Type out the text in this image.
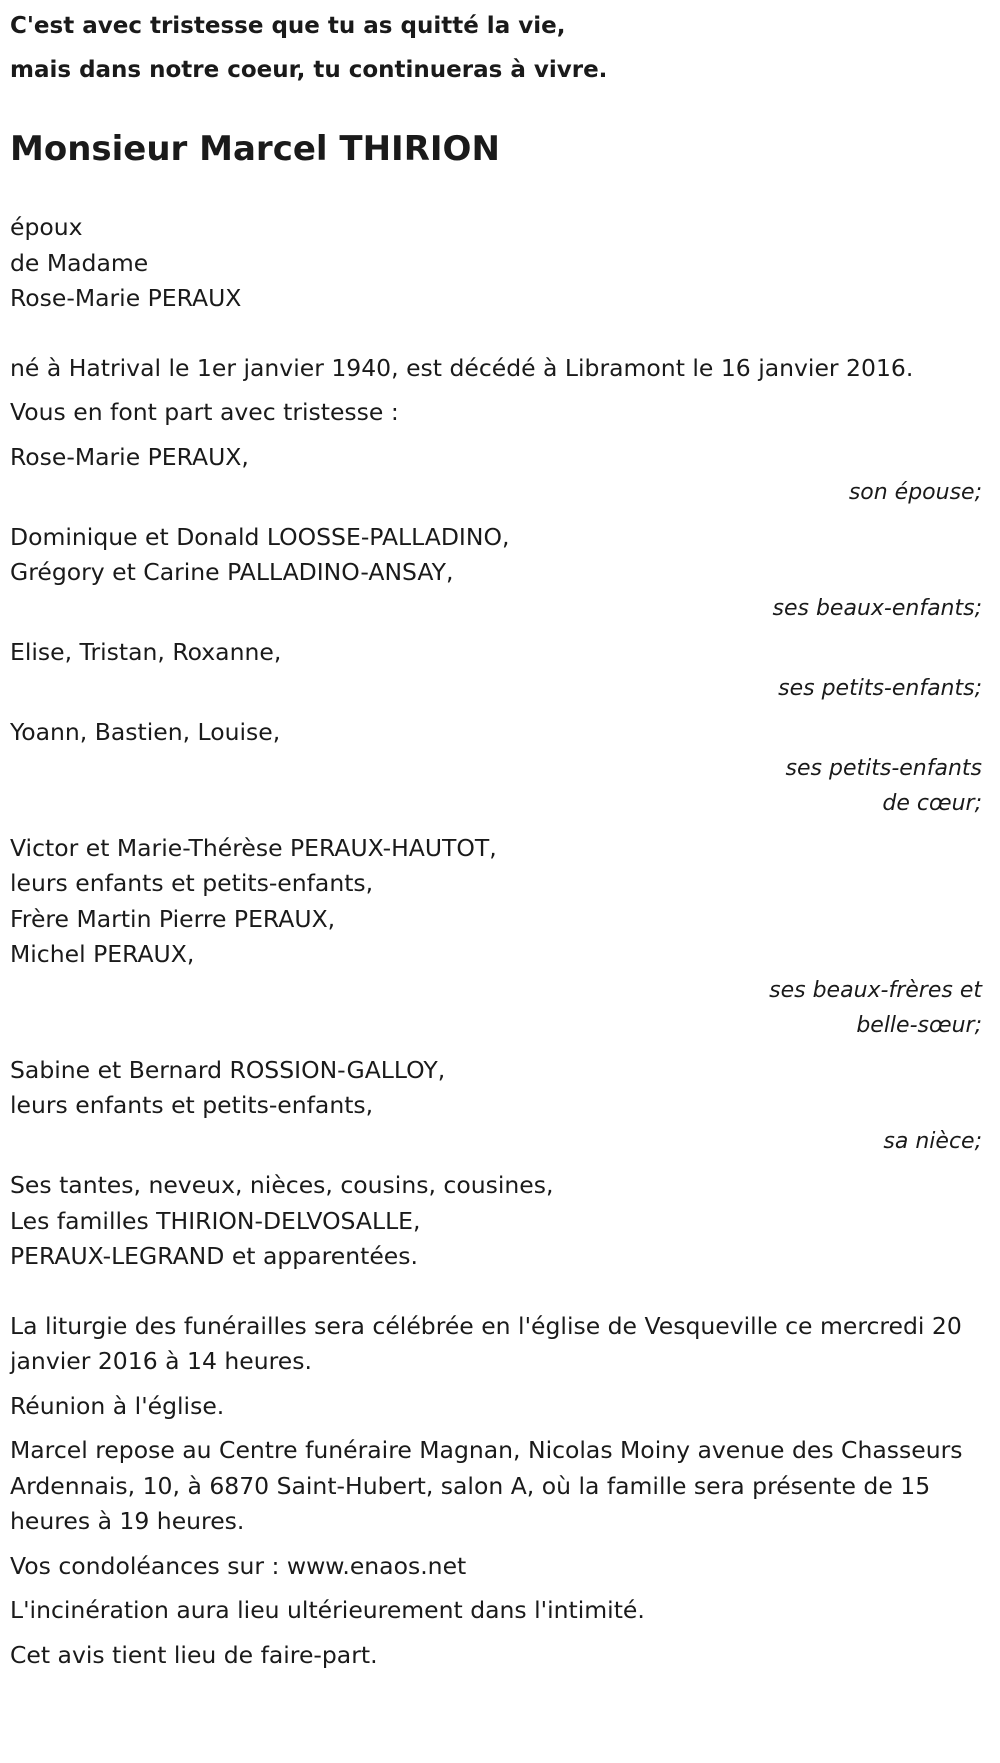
C'est avec tristesse que tu as quitté la vie,
mais dans notre coeur, tu continueras à vivre.
Monsieur Marcel THIRION
époux
de Madame
Rose-Marie PERAUX
né à Hatrival le 1er janvier 1940, est décédé à Libramont le 16 janvier 2016.
Vous en font part avec tristesse :
Rose-Marie PERAUX,
son épouse;
Dominique et Donald LOOSSE-PALLADINO,
Grégory et Carine PALLADINO-ANSAY,
ses beaux-enfants;
Elise, Tristan, Roxanne,
ses petits-enfants;
Yoann, Bastien, Louise,
ses petits-enfants
de cœur;
Victor et Marie-Thérèse PERAUX-HAUTOT,
leurs enfants et petits-enfants,
Frère Martin Pierre PERAUX,
Michel PERAUX,
ses beaux-frères et
belle-sœur;
Sabine et Bernard ROSSION-GALLOY,
leurs enfants et petits-enfants,
sa nièce;
Ses tantes, neveux, nièces, cousins, cousines,
Les familles THIRION-DELVOSALLE,
PERAUX-LEGRAND et apparentées.
La liturgie des funérailles sera célébrée en l'église de Vesqueville ce mercredi 20 janvier 2016 à 14 heures.
Réunion à l'église.
Marcel repose au Centre funéraire Magnan, Nicolas Moiny avenue des Chasseurs Ardennais, 10, à 6870 Saint-Hubert, salon A, où la famille sera présente de 15 heures à 19 heures.
Vos condoléances sur : www.enaos.net
L'incinération aura lieu ultérieurement dans l'intimité.
Cet avis tient lieu de faire-part.
